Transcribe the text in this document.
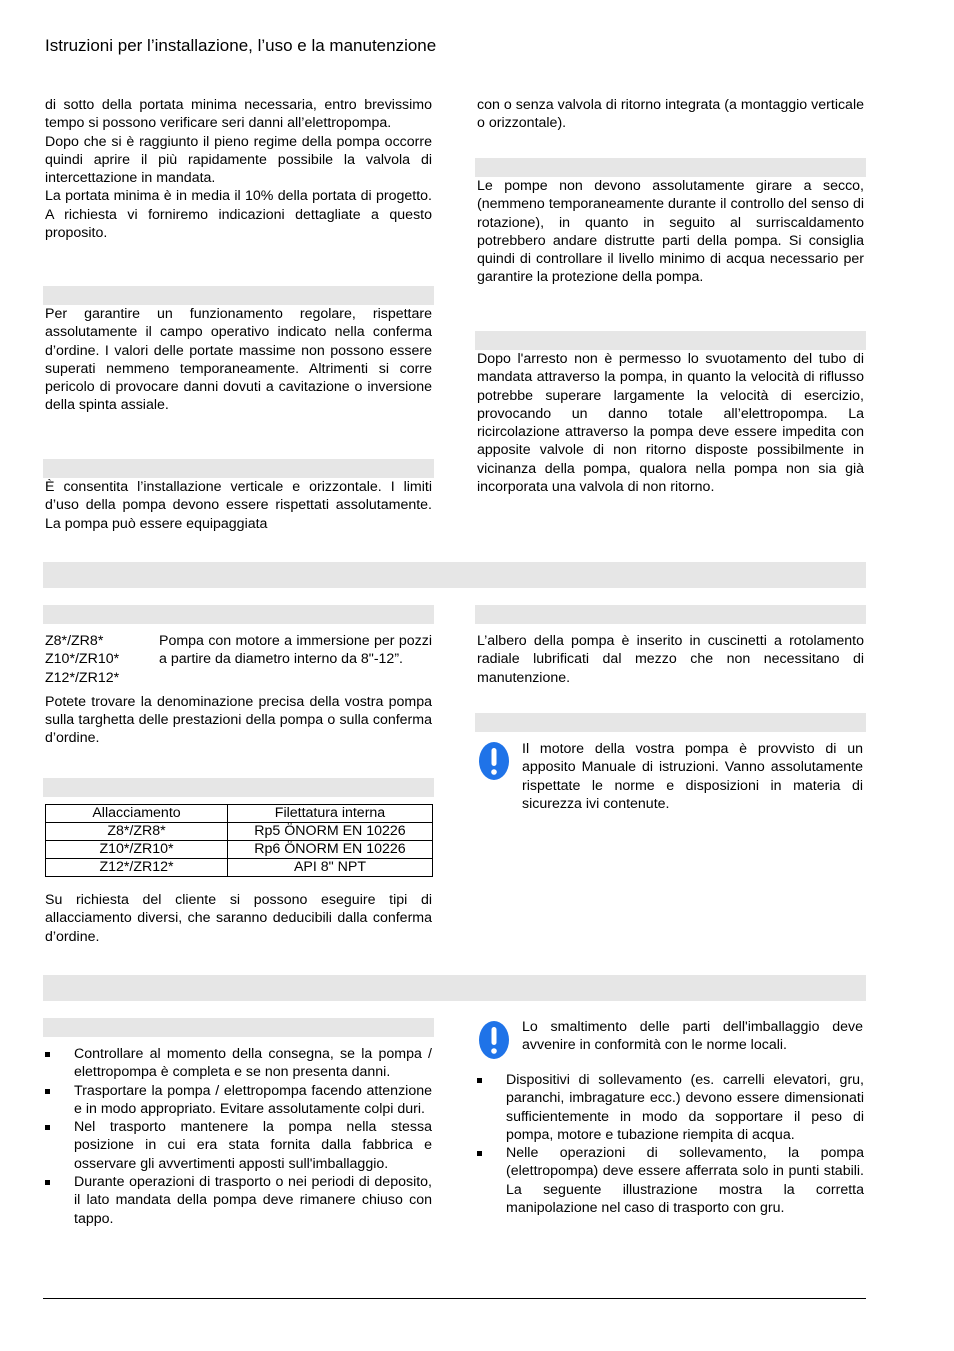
Istruzioni per l’installazione, l’uso e la manutenzione

di sotto della portata minima necessaria, entro brevissimo tempo si possono verificare seri danni all’elettropompa.

Dopo che si è raggiunto il pieno regime della pompa occorre quindi aprire il più rapidamente possibile la valvola di intercettazione in mandata.

La portata minima è in media il 10% della portata di progetto. A richiesta vi forniremo indicazioni dettagliate a questo proposito.

Per garantire un funzionamento regolare, rispettare assolutamente il campo operativo indicato nella conferma d’ordine. I valori delle portate massime non possono essere superati nemmeno temporaneamente. Altrimenti si corre pericolo di provocare danni dovuti a cavitazione o inversione della spinta assiale.

È consentita l’installazione verticale e orizzontale. I limiti d’uso della pompa devono essere rispettati assolutamente. La pompa può essere equipaggiata

con o senza valvola di ritorno integrata (a montaggio verticale o orizzontale).

Le pompe non devono assolutamente girare a secco, (nemmeno temporaneamente durante il controllo del senso di rotazione), in quanto in seguito al surriscaldamento potrebbero andare distrutte parti della pompa. Si consiglia quindi di controllare il livello minimo di acqua necessario per garantire la protezione della pompa.

Dopo l'arresto non è permesso lo svuotamento del tubo di mandata attraverso la pompa, in quanto la velocità di riflusso potrebbe superare largamente la velocità di esercizio, provocando un danno totale all’elettropompa. La ricircolazione attraverso la pompa deve essere impedita con apposite valvole di non ritorno disposte possibilmente in vicinanza della pompa, qualora nella pompa non sia già incorporata una valvola di non ritorno.

Z8*/ZR8*
Z10*/ZR10*
Z12*/ZR12*
Pompa con motore a immersione per pozzi a partire da diametro interno da 8"-12”.

Potete trovare la denominazione precisa della vostra pompa sulla targhetta delle prestazioni della pompa o sulla conferma d’ordine.

Allacciamento	Filettatura interna
Z8*/ZR8*	Rp5 ÖNORM EN 10226
Z10*/ZR10*	Rp6 ÖNORM EN 10226
Z12*/ZR12*	API 8" NPT

Su richiesta del cliente si possono eseguire tipi di allacciamento diversi, che saranno deducibili dalla conferma d’ordine.

L’albero della pompa è inserito in cuscinetti a rotolamento radiale lubrificati dal mezzo che non necessitano di manutenzione.

Il motore della vostra pompa è provvisto di un apposito Manuale di istruzioni. Vanno assolutamente rispettate le norme e disposizioni in materia di sicurezza ivi contenute.

Controllare al momento della consegna, se la pompa / elettropompa è completa e se non presenta danni.
Trasportare la pompa / elettropompa facendo attenzione e in modo appropriato. Evitare assolutamente colpi duri.
Nel trasporto mantenere la pompa nella stessa posizione in cui era stata fornita dalla fabbrica e osservare gli avvertimenti apposti sull'imballaggio.
Durante operazioni di trasporto o nei periodi di deposito, il lato mandata della pompa deve rimanere chiuso con tappo.

Lo smaltimento delle parti dell'imballaggio deve avvenire in conformità con le norme locali.

Dispositivi di sollevamento (es. carrelli elevatori, gru, paranchi, imbragature ecc.) devono essere dimensionati sufficientemente in modo da sopportare il peso di pompa, motore e tubazione riempita di acqua.
Nelle operazioni di sollevamento, la pompa (elettropompa) deve essere afferrata solo in punti stabili. La seguente illustrazione mostra la corretta manipolazione nel caso di trasporto con gru.
